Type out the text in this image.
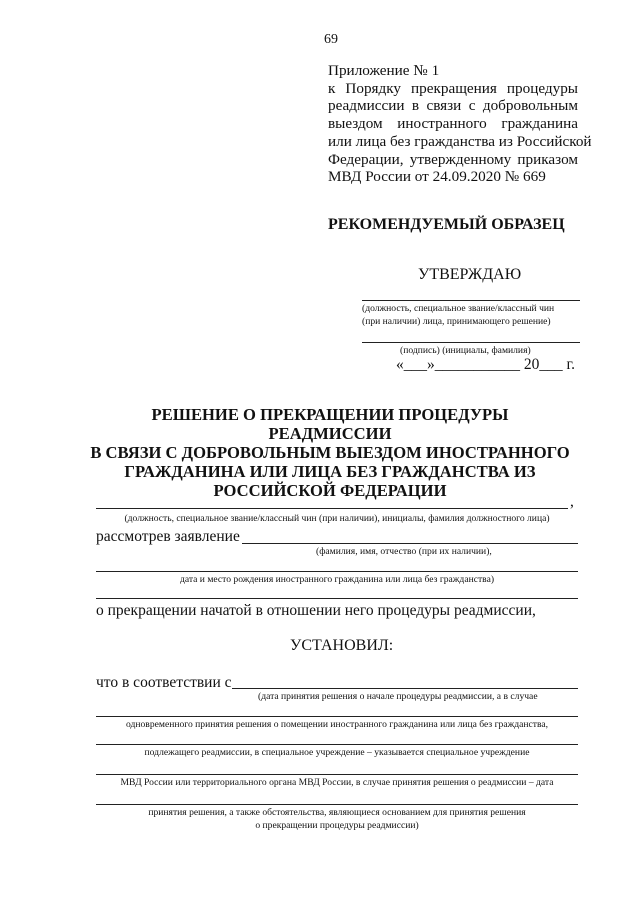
69
Приложение № 1
к Порядку прекращения процедуры
реадмиссии в связи с добровольным
выездом иностранного гражданина
или лица без гражданства из Российской
Федерации, утвержденному приказом
МВД России от 24.09.2020 № 669
РЕКОМЕНДУЕМЫЙ ОБРАЗЕЦ
УТВЕРЖДАЮ
(должность, специальное звание/классный чин
(при наличии) лица, принимающего решение)
(подпись) (инициалы, фамилия)
«___»___________ 20___ г.
РЕШЕНИЕ О ПРЕКРАЩЕНИИ ПРОЦЕДУРЫ РЕАДМИССИИ
В СВЯЗИ С ДОБРОВОЛЬНЫМ ВЫЕЗДОМ ИНОСТРАННОГО
ГРАЖДАНИНА ИЛИ ЛИЦА БЕЗ ГРАЖДАНСТВА ИЗ
РОССИЙСКОЙ ФЕДЕРАЦИИ
,
(должность, специальное звание/классный чин (при наличии), инициалы, фамилия должностного лица)
рассмотрев заявление
(фамилия, имя, отчество (при их наличии),
дата и место рождения иностранного гражданина или лица без гражданства)
о прекращении начатой в отношении него процедуры реадмиссии,
УСТАНОВИЛ:
что в соответствии с
(дата принятия решения о начале процедуры реадмиссии, а в случае
одновременного принятия решения о помещении иностранного гражданина или лица без гражданства,
подлежащего реадмиссии, в специальное учреждение – указывается специальное учреждение
МВД России или территориального органа МВД России, в случае принятия решения о реадмиссии – дата
принятия решения, а также обстоятельства, являющиеся основанием для принятия решения
о прекращении процедуры реадмиссии)
